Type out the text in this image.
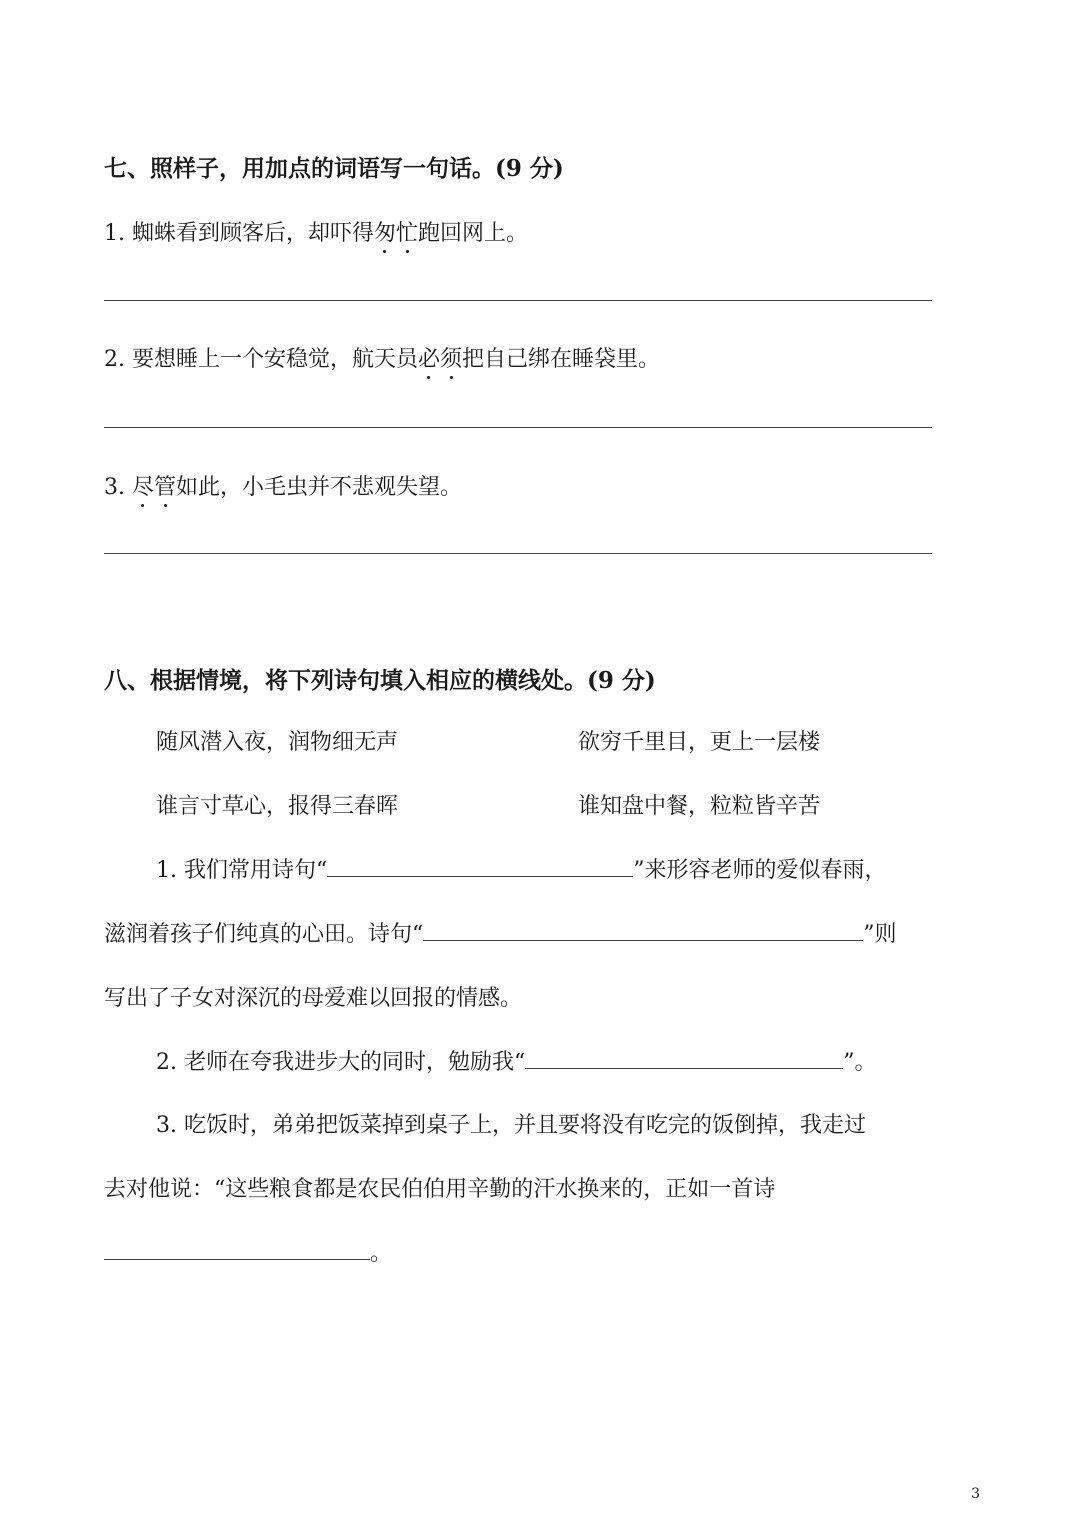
七、照样子，用加点的词语写一句话。(9 分)
1. 蜘蛛看到顾客后，却吓得匆忙跑回网上。
2. 要想睡上一个安稳觉，航天员必须把自己绑在睡袋里。
3. 尽管如此，小毛虫并不悲观失望。
八、根据情境，将下列诗句填入相应的横线处。(9 分)
随风潜入夜，润物细无声	欲穷千里目，更上一层楼
谁言寸草心，报得三春晖	谁知盘中餐，粒粒皆辛苦
1. 我们常用诗句“	”来形容老师的爱似春雨，
滋润着孩子们纯真的心田。诗句“	”则
写出了子女对深沉的母爱难以回报的情感。
2. 老师在夸我进步大的同时，勉励我“	”。
3. 吃饭时，弟弟把饭菜掉到桌子上，并且要将没有吃完的饭倒掉，我走过
去对他说：“这些粮食都是农民伯伯用辛勤的汗水换来的，正如一首诗
。
3
